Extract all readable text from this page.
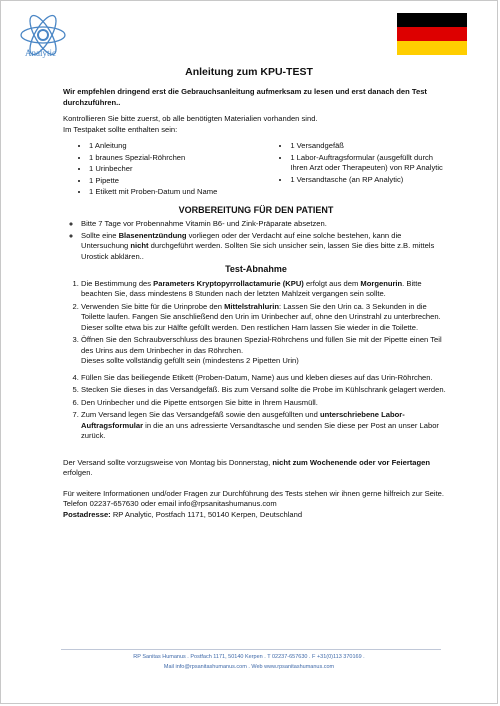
Analytic
Anleitung zum KPU-TEST
Wir empfehlen dringend erst die Gebrauchsanleitung aufmerksam zu lesen und erst danach den Test durchzuführen..
Kontrollieren Sie bitte zuerst, ob alle benötigten Materialien vorhanden sind.
Im Testpaket sollte enthalten sein:
• 1 Anleitung
• 1 braunes Spezial-Röhrchen
• 1 Urinbecher
• 1 Pipette
• 1 Etikett mit Proben-Datum und Name
• 1 Versandgefäß
• 1 Labor-Auftragsformular (ausgefüllt durch Ihren Arzt oder Therapeuten) von RP Analytic
• 1 Versandtasche (an RP Analytic)
VORBEREITUNG FÜR DEN PATIENT
◦ Bitte 7 Tage vor Probennahme Vitamin B6- und Zink-Präparate absetzen.
◦ Sollte eine Blasenentzündung vorliegen oder der Verdacht auf eine solche bestehen, kann die Untersuchung nicht durchgeführt werden. Sollten Sie sich unsicher sein, lassen Sie dies bitte z.B. mittels Urostick abklären..
Test-Abnahme
1. Die Bestimmung des Parameters Kryptopyrrollactamurie (KPU) erfolgt aus dem Morgenurin. Bitte beachten Sie, dass mindestens 8 Stunden nach der letzten Mahlzeit vergangen sein sollte.
2. Verwenden Sie bitte für die Urinprobe den Mittelstrahlurin: Lassen Sie den Urin ca. 3 Sekunden in die Toilette laufen. Fangen Sie anschließend den Urin im Urinbecher auf, ohne den Urinstrahl zu unterbrechen. Dieser sollte etwa bis zur Hälfte gefüllt werden. Den restlichen Harn lassen Sie wieder in die Toilette.
3. Öffnen Sie den Schraubverschluss des braunen Spezial-Röhrchens und füllen Sie mit der Pipette einen Teil des Urins aus dem Urinbecher in das Röhrchen.
Dieses sollte vollständig gefüllt sein (mindestens 2 Pipetten Urin)
4. Füllen Sie das beiliegende Etikett (Proben-Datum, Name) aus und kleben dieses auf das Urin-Röhrchen.
5. Stecken Sie dieses in das Versandgefäß. Bis zum Versand sollte die Probe im Kühlschrank gelagert werden.
6. Den Urinbecher und die Pipette entsorgen Sie bitte in Ihrem Hausmüll.
7. Zum Versand legen Sie das Versandgefäß sowie den ausgefüllten und unterschriebene Labor-Auftragsformular in die an uns adressierte Versandtasche und senden Sie diese per Post an unser Labor zurück.
Der Versand sollte vorzugsweise von Montag bis Donnerstag, nicht zum Wochenende oder vor Feiertagen erfolgen.
Für weitere Informationen und/oder Fragen zur Durchführung des Tests stehen wir ihnen gerne hilfreich zur Seite. Telefon 02237-657630 oder email info@rpsanitashumanus.com
Postadresse: RP Analytic, Postfach 1171, 50140 Kerpen, Deutschland
RP Sanitas Humanus . Postfach 1171, 50140 Kerpen . T 02237-657630 . F +31(0)113 370169 .
Mail info@rpsanitashumanus.com . Web www.rpsanitashumanus.com
